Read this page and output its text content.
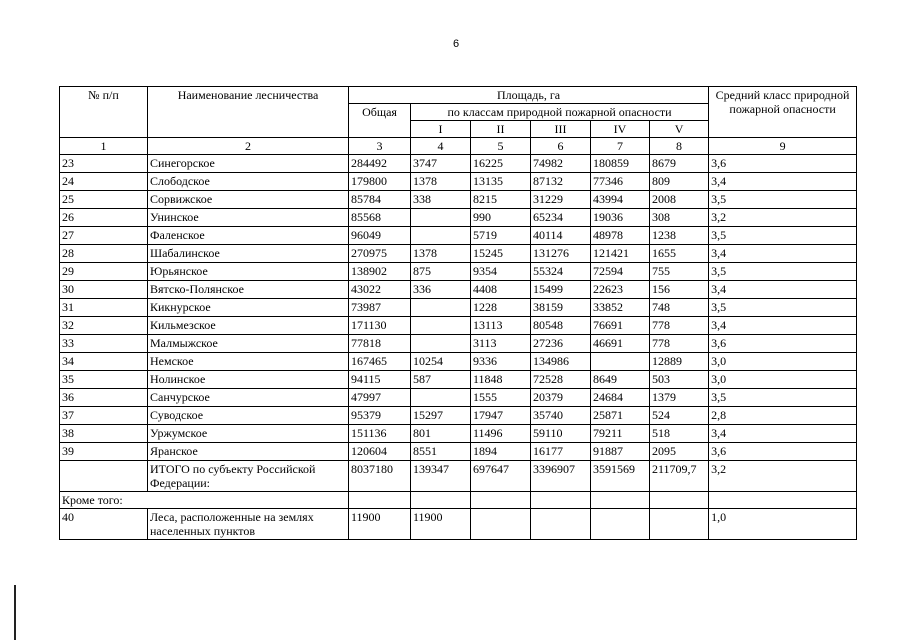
6
№ п/п	Наименование лесничества	Площадь, га						Средний класс природной пожарной опасности
		Общая	по классам природной пожарной опасности					
			I	II	III	IV	V	
1	2	3	4	5	6	7	8	9
23	Синегорское	284492	3747	16225	74982	180859	8679	3,6
24	Слободское	179800	1378	13135	87132	77346	809	3,4
25	Сорвижское	85784	338	8215	31229	43994	2008	3,5
26	Унинское	85568		990	65234	19036	308	3,2
27	Фаленское	96049		5719	40114	48978	1238	3,5
28	Шабалинское	270975	1378	15245	131276	121421	1655	3,4
29	Юрьянское	138902	875	9354	55324	72594	755	3,5
30	Вятско-Полянское	43022	336	4408	15499	22623	156	3,4
31	Кикнурское	73987		1228	38159	33852	748	3,5
32	Кильмезское	171130		13113	80548	76691	778	3,4
33	Малмыжское	77818		3113	27236	46691	778	3,6
34	Немское	167465	10254	9336	134986		12889	3,0
35	Нолинское	94115	587	11848	72528	8649	503	3,0
36	Санчурское	47997		1555	20379	24684	1379	3,5
37	Суводское	95379	15297	17947	35740	25871	524	2,8
38	Уржумское	151136	801	11496	59110	79211	518	3,4
39	Яранское	120604	8551	1894	16177	91887	2095	3,6
	ИТОГО по субъекту Российской Федерации:	8037180	139347	697647	3396907	3591569	211709,7	3,2
Кроме того:								
40	Леса, расположенные на землях населенных пунктов	11900	11900					1,0
